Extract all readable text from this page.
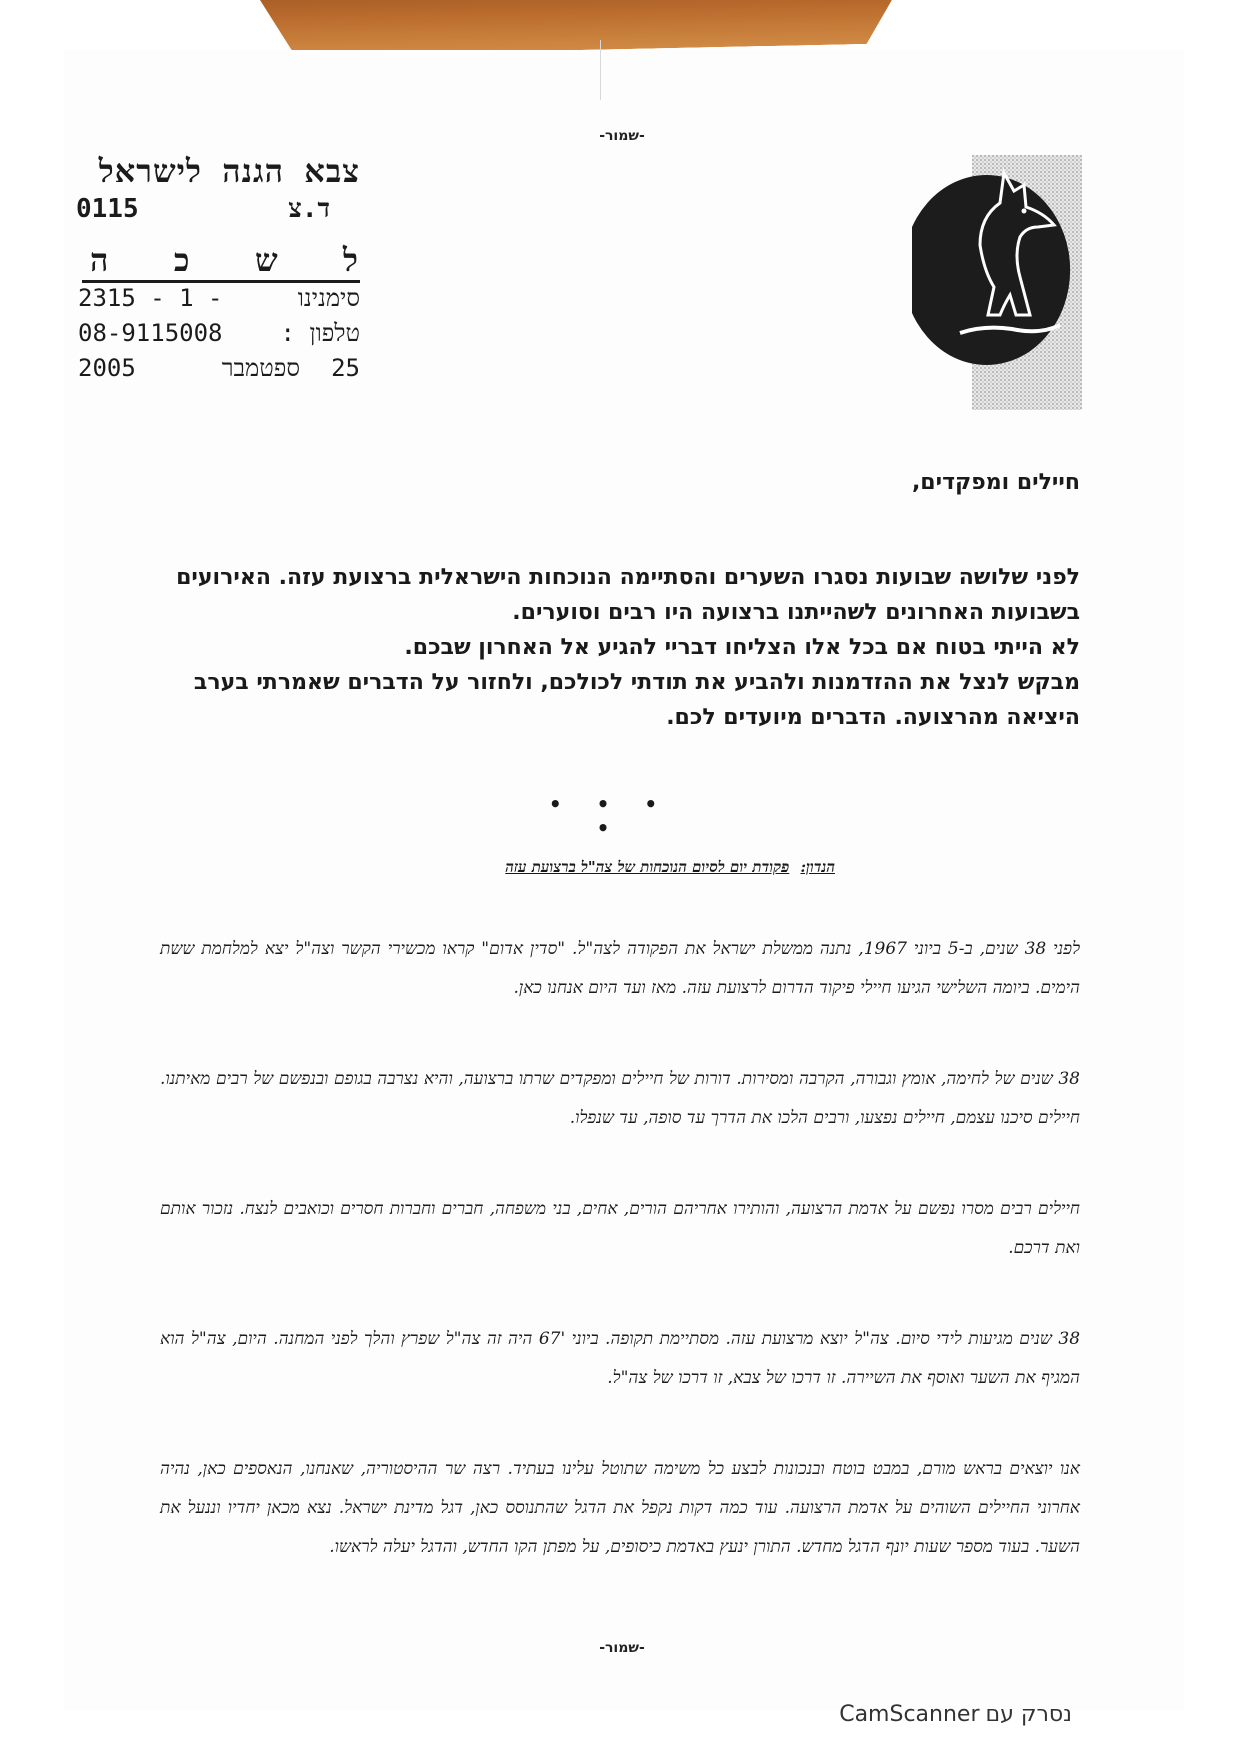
-שמור-
צבא הגנה לישראל
ד.צ
0115
ל
ש
כ
ה
סימנינו
2315 - 1 -
טלפון :
08-9115008
25
ספטמבר
2005
חיילים ומפקדים,

לפני שלושה שבועות נסגרו השערים והסתיימה הנוכחות הישראלית ברצועת עזה. האירועים בשבועות האחרונים לשהייתנו ברצועה היו רבים וסוערים.

לא הייתי בטוח אם בכל אלו הצליחו דבריי להגיע אל האחרון שבכם.

מבקש לנצל את ההזדמנות ולהביע את תודתי לכולכם, ולחזור על הדברים שאמרתי בערב היציאה מהרצועה. הדברים מיועדים לכם.

• • • •
הנדון: פקודת יום לסיום הנוכחות של צה"ל ברצועת עזה

לפני 38 שנים, ב-5 ביוני 1967, נתנה ממשלת ישראל את הפקודה לצה"ל. "סדין אדום" קראו מכשירי הקשר וצה"ל יצא למלחמת ששת הימים. ביומה השלישי הגיעו חיילי פיקוד הדרום לרצועת עזה. מאז ועד היום אנחנו כאן.

38 שנים של לחימה, אומץ וגבורה, הקרבה ומסירות. דורות של חיילים ומפקדים שרתו ברצועה, והיא נצרבה בגופם ובנפשם של רבים מאיתנו. חיילים סיכנו עצמם, חיילים נפצעו, ורבים הלכו את הדרך עד סופה, עד שנפלו.

חיילים רבים מסרו נפשם על אדמת הרצועה, והותירו אחריהם הורים, אחים, בני משפחה, חברים וחברות חסרים וכואבים לנצח. נזכור אותם ואת דרכם.

38 שנים מגיעות לידי סיום. צה"ל יוצא מרצועת עזה. מסתיימת תקופה. ביוני '67 היה זה צה"ל שפרץ והלך לפני המחנה. היום, צה"ל הוא המגיף את השער ואוסף את השיירה. זו דרכו של צבא, זו דרכו של צה"ל.

אנו יוצאים בראש מורם, במבט בוטח ובנכונות לבצע כל משימה שתוטל עלינו בעתיד. רצה שר ההיסטוריה, שאנחנו, הנאספים כאן, נהיה אחרוני החיילים השוהים על אדמת הרצועה. עוד כמה דקות נקפל את הדגל שהתנוסס כאן, דגל מדינת ישראל. נצא מכאן יחדיו וננעל את השער. בעוד מספר שעות יונף הדגל מחדש. התורן ינעץ באדמת כיסופים, על מפתן הקו החדש, והדגל יעלה לראשו.

-שמור-
נסרק עםCamScanner
